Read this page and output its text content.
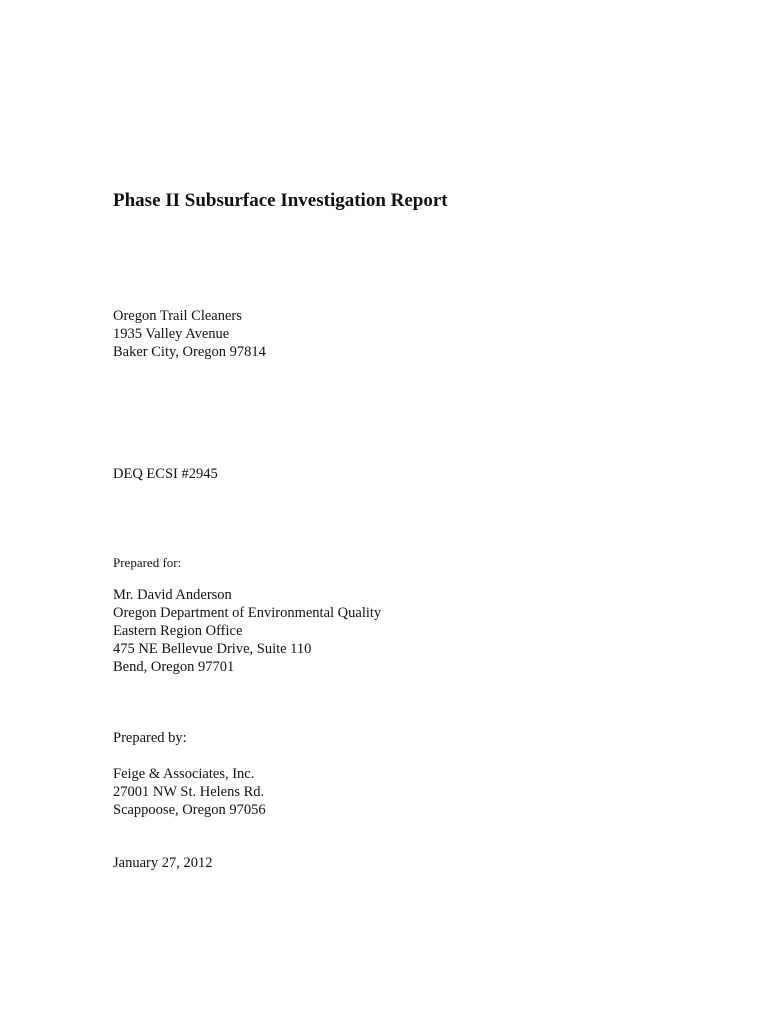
Phase II Subsurface Investigation Report
Oregon Trail Cleaners
1935 Valley Avenue
Baker City, Oregon 97814
DEQ ECSI #2945
Prepared for:
Mr. David Anderson
Oregon Department of Environmental Quality
Eastern Region Office
475 NE Bellevue Drive, Suite 110
Bend, Oregon 97701
Prepared by:
Feige & Associates, Inc.
27001 NW St. Helens Rd.
Scappoose, Oregon 97056
January 27, 2012
